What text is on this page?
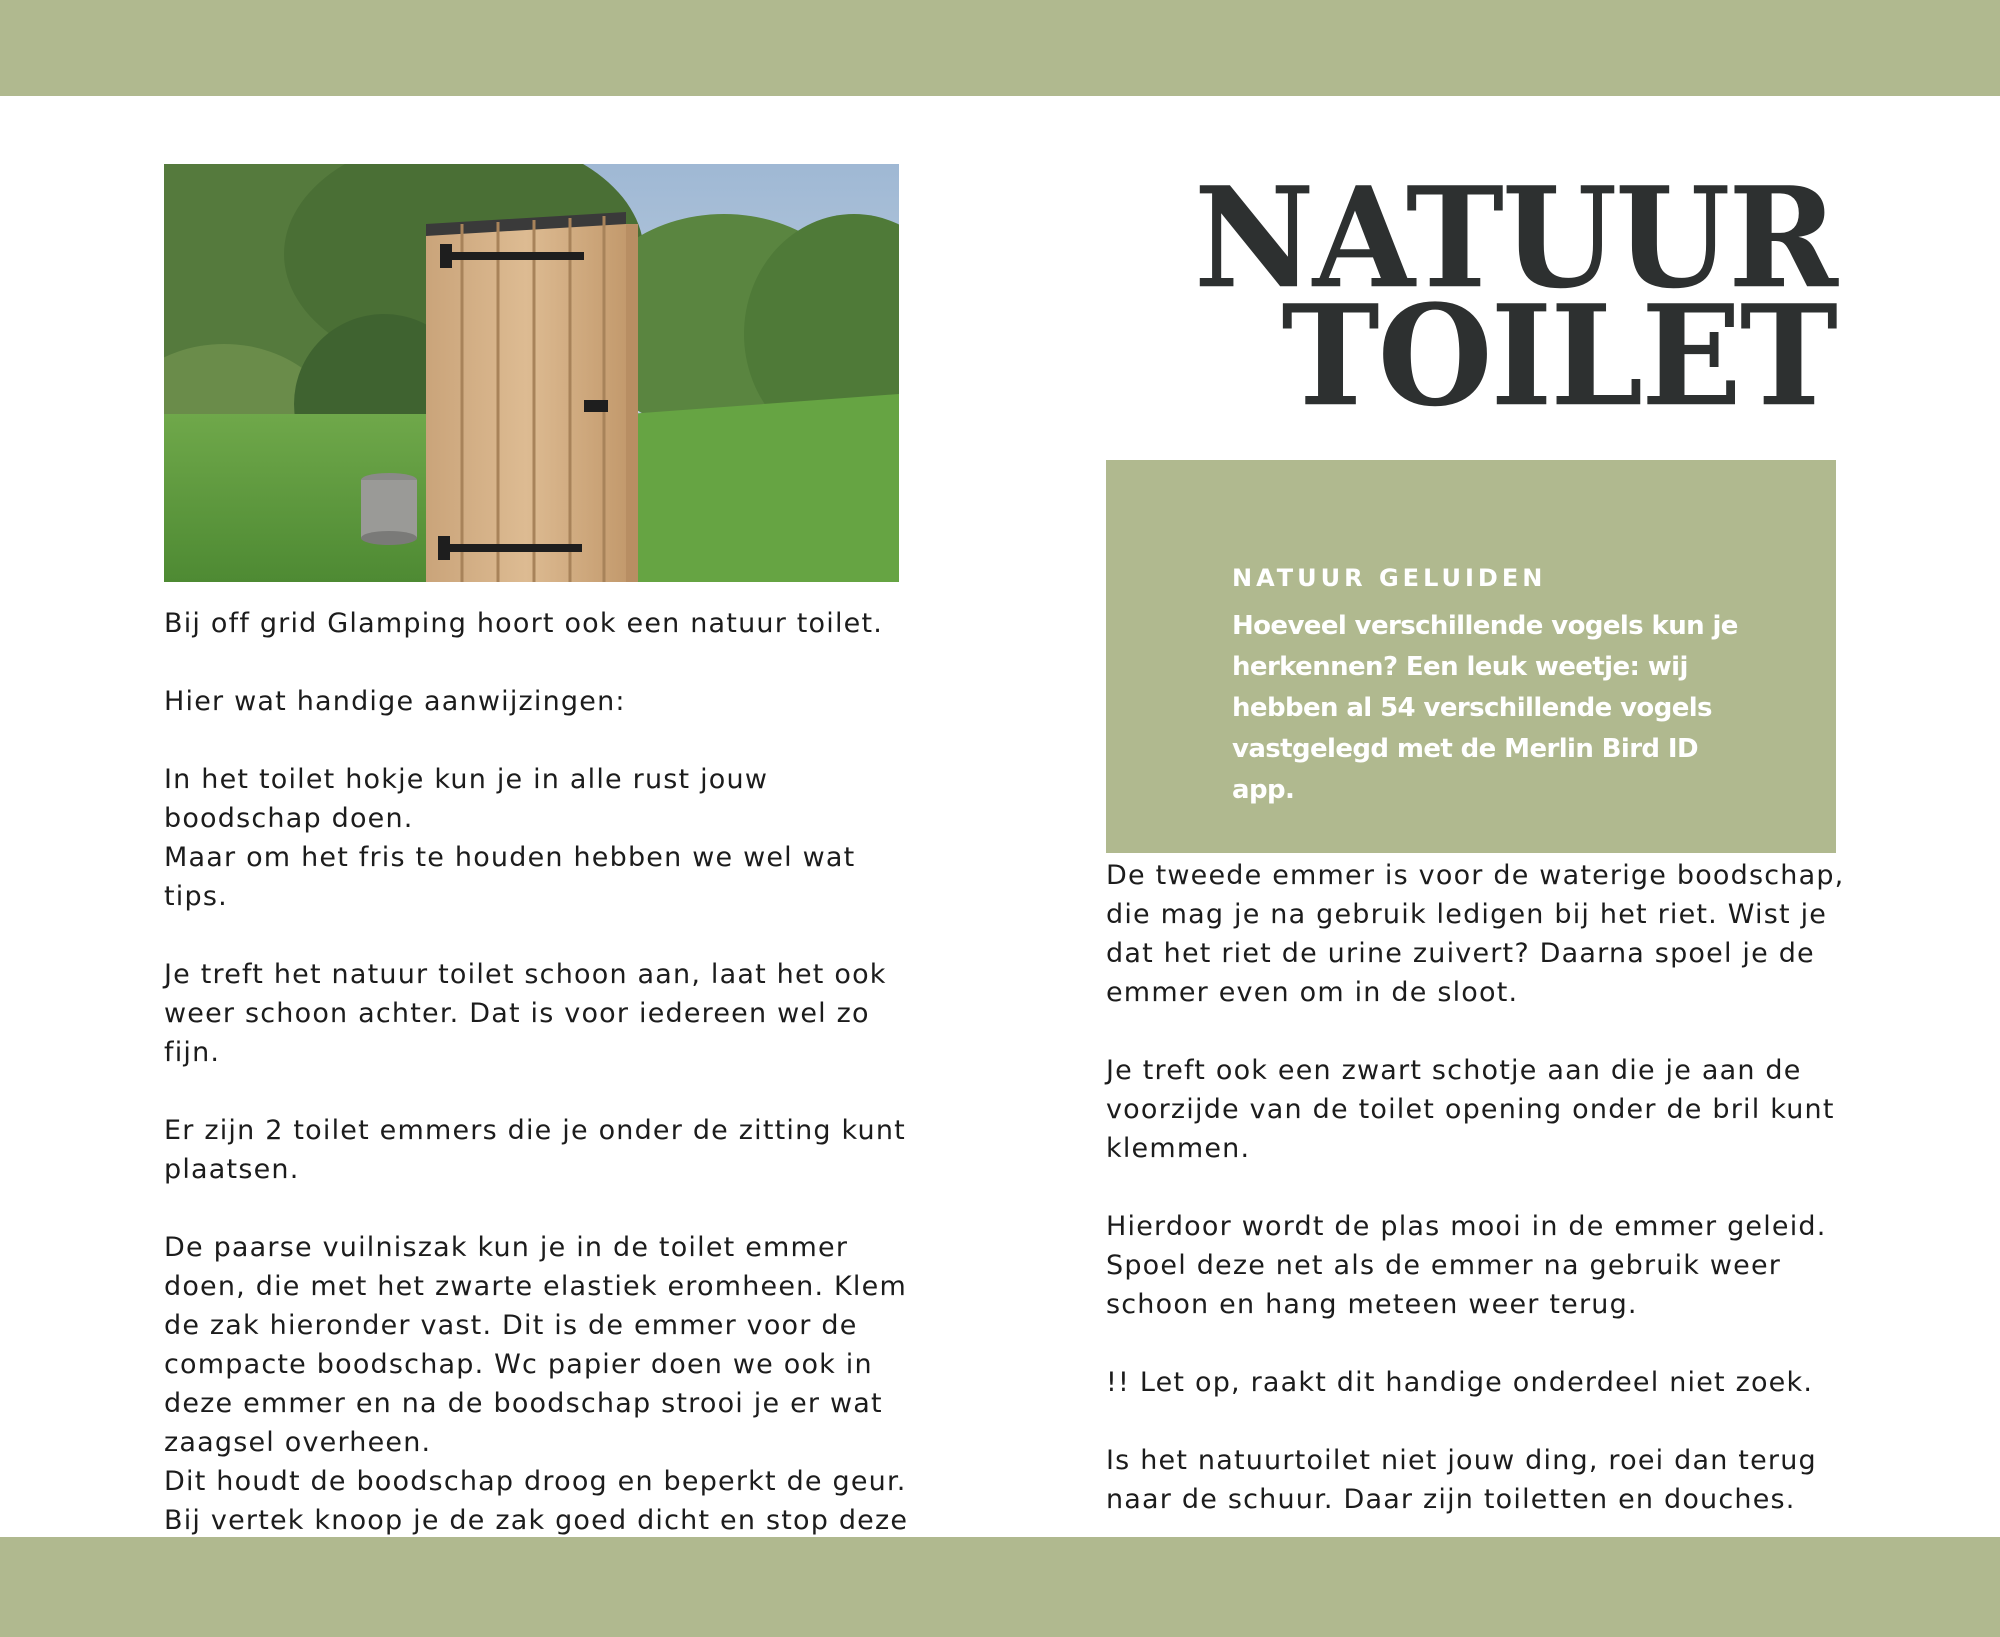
Bij off grid Glamping hoort ook een natuur toilet.

Hier wat handige aanwijzingen:

In het toilet hokje kun je in alle rust jouw boodschap doen.
Maar om het fris te houden hebben we wel wat tips.

Je treft het natuur toilet schoon aan, laat het ook weer schoon achter. Dat is voor iedereen wel zo fijn.

Er zijn 2 toilet emmers die je onder de zitting kunt plaatsen.

De paarse vuilniszak kun je in de toilet emmer doen, die met het zwarte elastiek eromheen. Klem de zak hieronder vast. Dit is de emmer voor de compacte boodschap. Wc papier doen we ook in deze emmer en na de boodschap strooi je er wat zaagsel overheen.
Dit houdt de boodschap droog en beperkt de geur. Bij vertek knoop je de zak goed dicht en stop deze

NATUUR
TOILET
NATUUR GELUIDEN
Hoeveel verschillende vogels kun je herkennen? Een leuk weetje: wij hebben al 54 verschillende vogels vastgelegd met de Merlin Bird ID app.

De tweede emmer is voor de waterige boodschap, die mag je na gebruik ledigen bij het riet. Wist je dat het riet de urine zuivert? Daarna spoel je de emmer even om in de sloot.

Je treft ook een zwart schotje aan die je aan de voorzijde van de toilet opening onder de bril kunt klemmen.

Hierdoor wordt de plas mooi in de emmer geleid. Spoel deze net als de emmer na gebruik weer schoon en hang meteen weer terug.

!! Let op, raakt dit handige onderdeel niet zoek.

Is het natuurtoilet niet jouw ding, roei dan terug naar de schuur. Daar zijn toiletten en douches.
